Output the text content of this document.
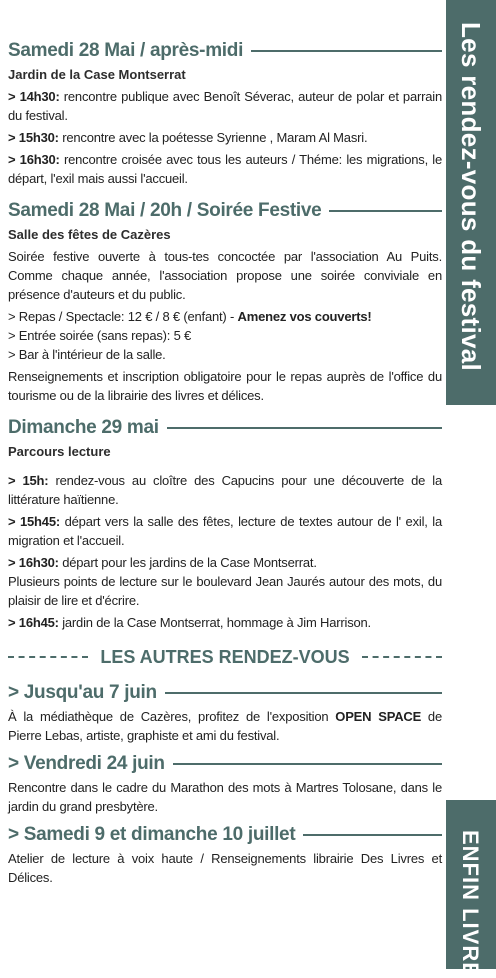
Les rendez-vous du festival
ENFIN LIVRE
Samedi 28 Mai / après-midi
Jardin de la Case Montserrat
> 14h30: rencontre publique avec Benoît Séverac, auteur de polar et parrain du festival.
> 15h30: rencontre avec la poétesse Syrienne , Maram Al Masri.
> 16h30: rencontre croisée avec tous les auteurs / Théme: les migrations, le départ, l'exil mais aussi l'accueil.
Samedi 28 Mai / 20h / Soirée Festive
Salle des fêtes de Cazères
Soirée festive ouverte à tous-tes concoctée par l'association Au Puits. Comme chaque année, l'association propose une soirée conviviale en présence d'auteurs et du public.
> Repas / Spectacle: 12 € / 8 € (enfant) - Amenez vos couverts!
> Entrée soirée (sans repas): 5 €
> Bar à l'intérieur de la salle.
Renseignements et inscription obligatoire pour le repas auprès de l'office du tourisme ou de la librairie des livres et délices.
Dimanche 29 mai
Parcours lecture
> 15h: rendez-vous au cloître des Capucins pour une découverte de la littérature haïtienne.
> 15h45: départ vers la salle des fêtes, lecture de textes autour de l' exil, la migration et l'accueil.
> 16h30: départ pour les jardins de la Case Montserrat.
Plusieurs points de lecture sur le boulevard Jean Jaurés autour des mots, du plaisir de lire et d'écrire.
> 16h45: jardin de la Case Montserrat, hommage à Jim Harrison.
LES AUTRES RENDEZ-VOUS
> Jusqu'au 7 juin
À la médiathèque de Cazères, profitez de l'exposition OPEN SPACE de Pierre Lebas, artiste, graphiste et ami du festival.
> Vendredi 24 juin
Rencontre dans le cadre du Marathon des mots à Martres Tolosane, dans le jardin du grand presbytère.
> Samedi 9 et dimanche 10 juillet
Atelier de lecture à voix haute / Renseignements librairie Des Livres et Délices.
